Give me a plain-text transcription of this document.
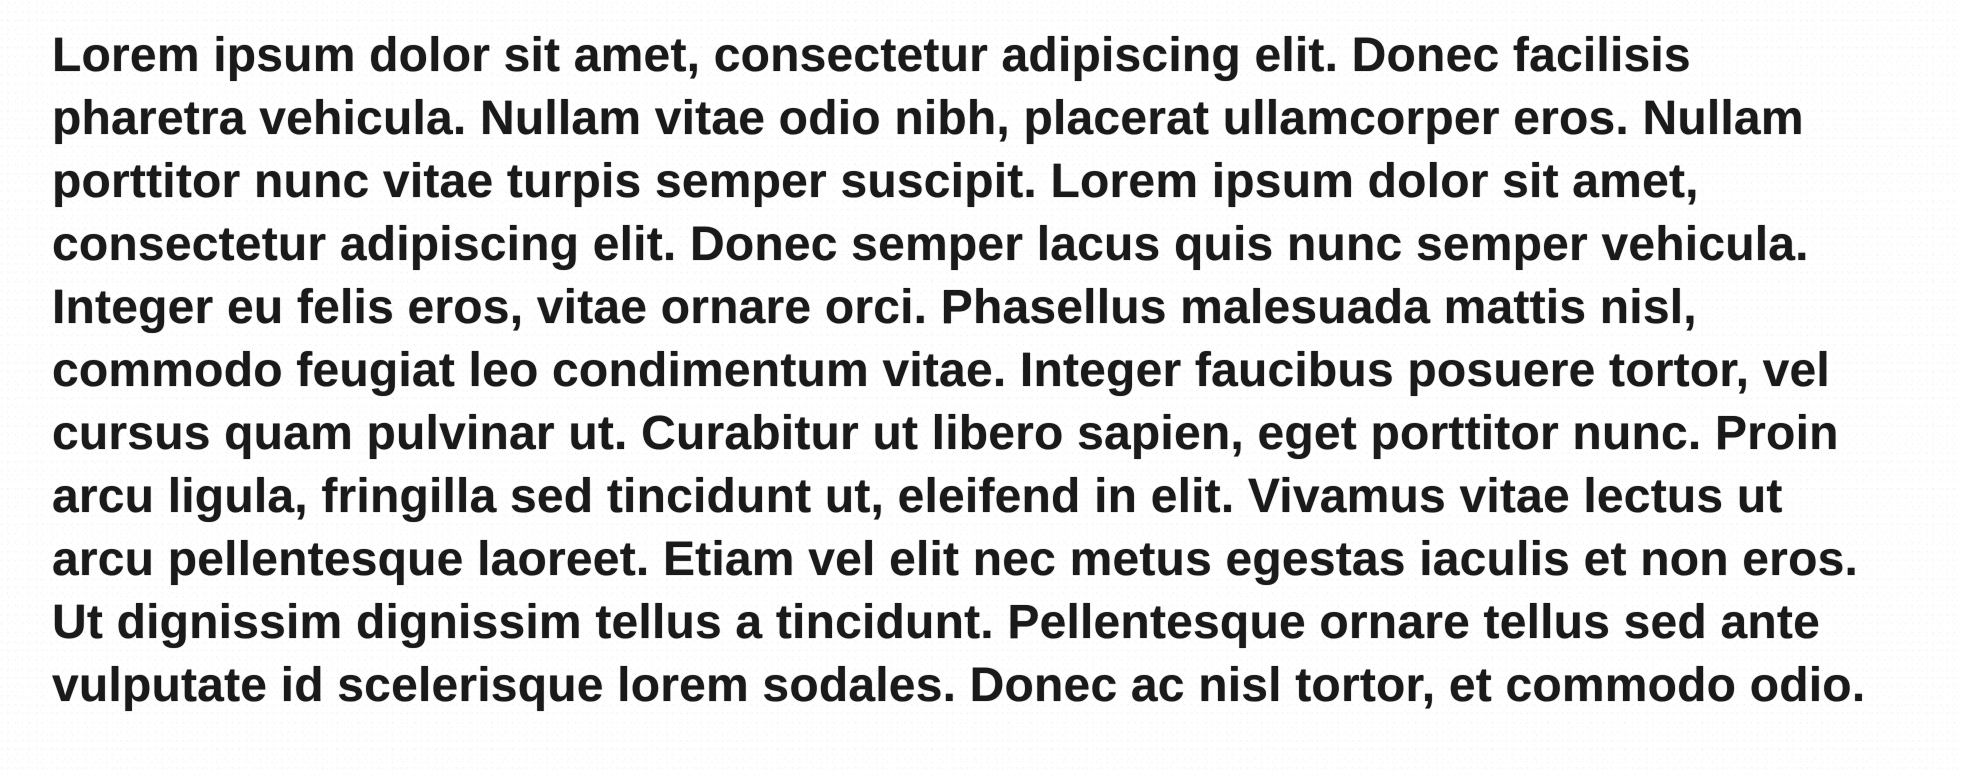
Lorem ipsum dolor sit amet, consectetur adipiscing elit. Donec facilisis
pharetra vehicula. Nullam vitae odio nibh, placerat ullamcorper eros. Nullam
porttitor nunc vitae turpis semper suscipit. Lorem ipsum dolor sit amet,
consectetur adipiscing elit. Donec semper lacus quis nunc semper vehicula.
Integer eu felis eros, vitae ornare orci. Phasellus malesuada mattis nisl,
commodo feugiat leo condimentum vitae. Integer faucibus posuere tortor, vel
cursus quam pulvinar ut. Curabitur ut libero sapien, eget porttitor nunc. Proin
arcu ligula, fringilla sed tincidunt ut, eleifend in elit. Vivamus vitae lectus ut
arcu pellentesque laoreet. Etiam vel elit nec metus egestas iaculis et non eros.
Ut dignissim dignissim tellus a tincidunt. Pellentesque ornare tellus sed ante
vulputate id scelerisque lorem sodales. Donec ac nisl tortor, et commodo odio.
